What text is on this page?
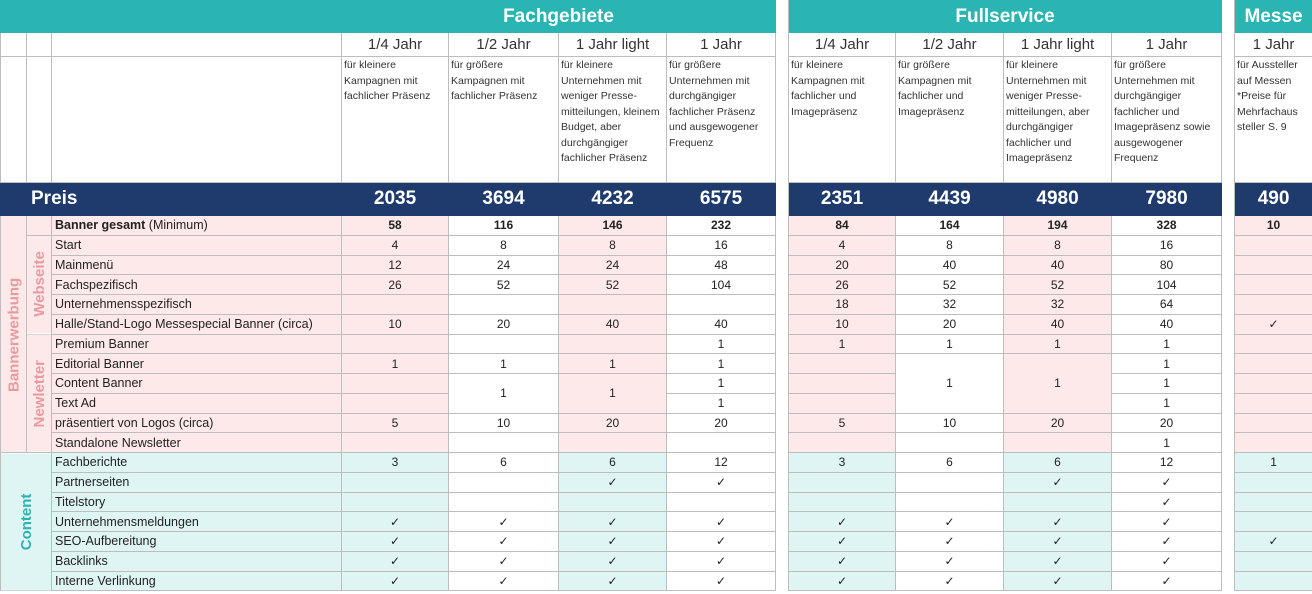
			Fachgebiete					Fullservice					Messe
			1/4 Jahr	1/2 Jahr	1 Jahr light	1 Jahr		1/4 Jahr	1/2 Jahr	1 Jahr light	1 Jahr		1 Jahr
			für kleinere Kampagnen mit fachlicher Präsenz	für größere Kampagnen mit fachlicher Präsenz	für kleinere Unternehmen mit weniger Presse-mitteilungen, kleinem Budget, aber durchgängiger fachlicher Präsenz	für größere Unternehmen mit durchgängiger fachlicher Präsenz und ausgewogener Frequenz		für kleinere Kampagnen mit fachlicher und Imagepräsenz	für größere Kampagnen mit fachlicher und Imagepräsenz	für kleinere Unternehmen mit weniger Presse-mitteilungen, aber durchgängiger fachlicher und Imagepräsenz	für größere Unternehmen mit durchgängiger fachlicher und Imagepräsenz sowie ausgewogener Frequenz		für Aussteller auf Messen *Preise für Mehrfachaus steller S. 9
	Preis		2035	3694	4232	6575		2351	4439	4980	7980		490
Bannerwerbung		Banner gesamt (Minimum)	58	116	146	232		84	164	194	328		10
	Webseite	Start	4	8	8	16		4	8	8	16		
		Mainmenü	12	24	24	48		20	40	40	80		
		Fachspezifisch	26	52	52	104		26	52	52	104		
		Unternehmensspezifisch						18	32	32	64		
		Halle/Stand-Logo Messespecial Banner (circa)	10	20	40	40		10	20	40	40		✓
	Newletter	Premium Banner				1		1	1	1	1		
		Editorial Banner	1	1	1	1			1	1	1		
		Content Banner		1	1	1					1		
		Text Ad				1					1		
		präsentiert von Logos (circa)	5	10	20	20		5	10	20	20		
		Standalone Newsletter									1		
Content		Fachberichte	3	6	6	12		3	6	6	12		1
		Partnerseiten			✓	✓				✓	✓		
		Titelstory									✓		
		Unternehmensmeldungen	✓	✓	✓	✓		✓	✓	✓	✓		
		SEO-Aufbereitung	✓	✓	✓	✓		✓	✓	✓	✓		✓
		Backlinks	✓	✓	✓	✓		✓	✓	✓	✓		
		Interne Verlinkung	✓	✓	✓	✓		✓	✓	✓	✓		
